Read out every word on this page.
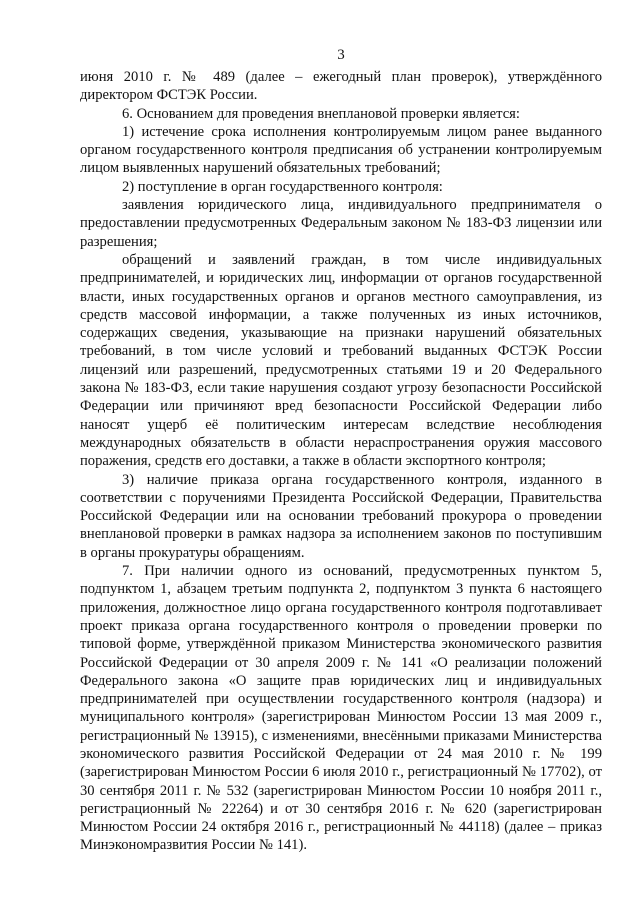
3

июня 2010 г. № 489 (далее – ежегодный план проверок), утверждённого директором ФСТЭК России.

6. Основанием для проведения внеплановой проверки является:

1) истечение срока исполнения контролируемым лицом ранее выданного органом государственного контроля предписания об устранении контролируемым лицом выявленных нарушений обязательных требований;

2) поступление в орган государственного контроля:

заявления юридического лица, индивидуального предпринимателя о предоставлении предусмотренных Федеральным законом № 183-ФЗ лицензии или разрешения;

обращений и заявлений граждан, в том числе индивидуальных предпринимателей, и юридических лиц, информации от органов государственной власти, иных государственных органов и органов местного самоуправления, из средств массовой информации, а также полученных из иных источников, содержащих сведения, указывающие на признаки нарушений обязательных требований, в том числе условий и требований выданных ФСТЭК России лицензий или разрешений, предусмотренных статьями 19 и 20 Федерального закона № 183-ФЗ, если такие нарушения создают угрозу безопасности Российской Федерации или причиняют вред безопасности Российской Федерации либо наносят ущерб её политическим интересам вследствие несоблюдения международных обязательств в области нераспространения оружия массового поражения, средств его доставки, а также в области экспортного контроля;

3) наличие приказа органа государственного контроля, изданного в соответствии с поручениями Президента Российской Федерации, Правительства Российской Федерации или на основании требований прокурора о проведении внеплановой проверки в рамках надзора за исполнением законов по поступившим в органы прокуратуры обращениям.

7. При наличии одного из оснований, предусмотренных пунктом 5, подпунктом 1, абзацем третьим подпункта 2, подпунктом 3 пункта 6 настоящего приложения, должностное лицо органа государственного контроля подготавливает проект приказа органа государственного контроля о проведении проверки по типовой форме, утверждённой приказом Министерства экономического развития Российской Федерации от 30 апреля 2009 г. № 141 «О реализации положений Федерального закона «О защите прав юридических лиц и индивидуальных предпринимателей при осуществлении государственного контроля (надзора) и муниципального контроля» (зарегистрирован Минюстом России 13 мая 2009 г., регистрационный № 13915), с изменениями, внесёнными приказами Министерства экономического развития Российской Федерации от 24 мая 2010 г. № 199 (зарегистрирован Минюстом России 6 июля 2010 г., регистрационный № 17702), от 30 сентября 2011 г. № 532 (зарегистрирован Минюстом России 10 ноября 2011 г., регистрационный № 22264) и от 30 сентября 2016 г. № 620 (зарегистрирован Минюстом России 24 октября 2016 г., регистрационный № 44118) (далее – приказ Минэкономразвития России № 141).
